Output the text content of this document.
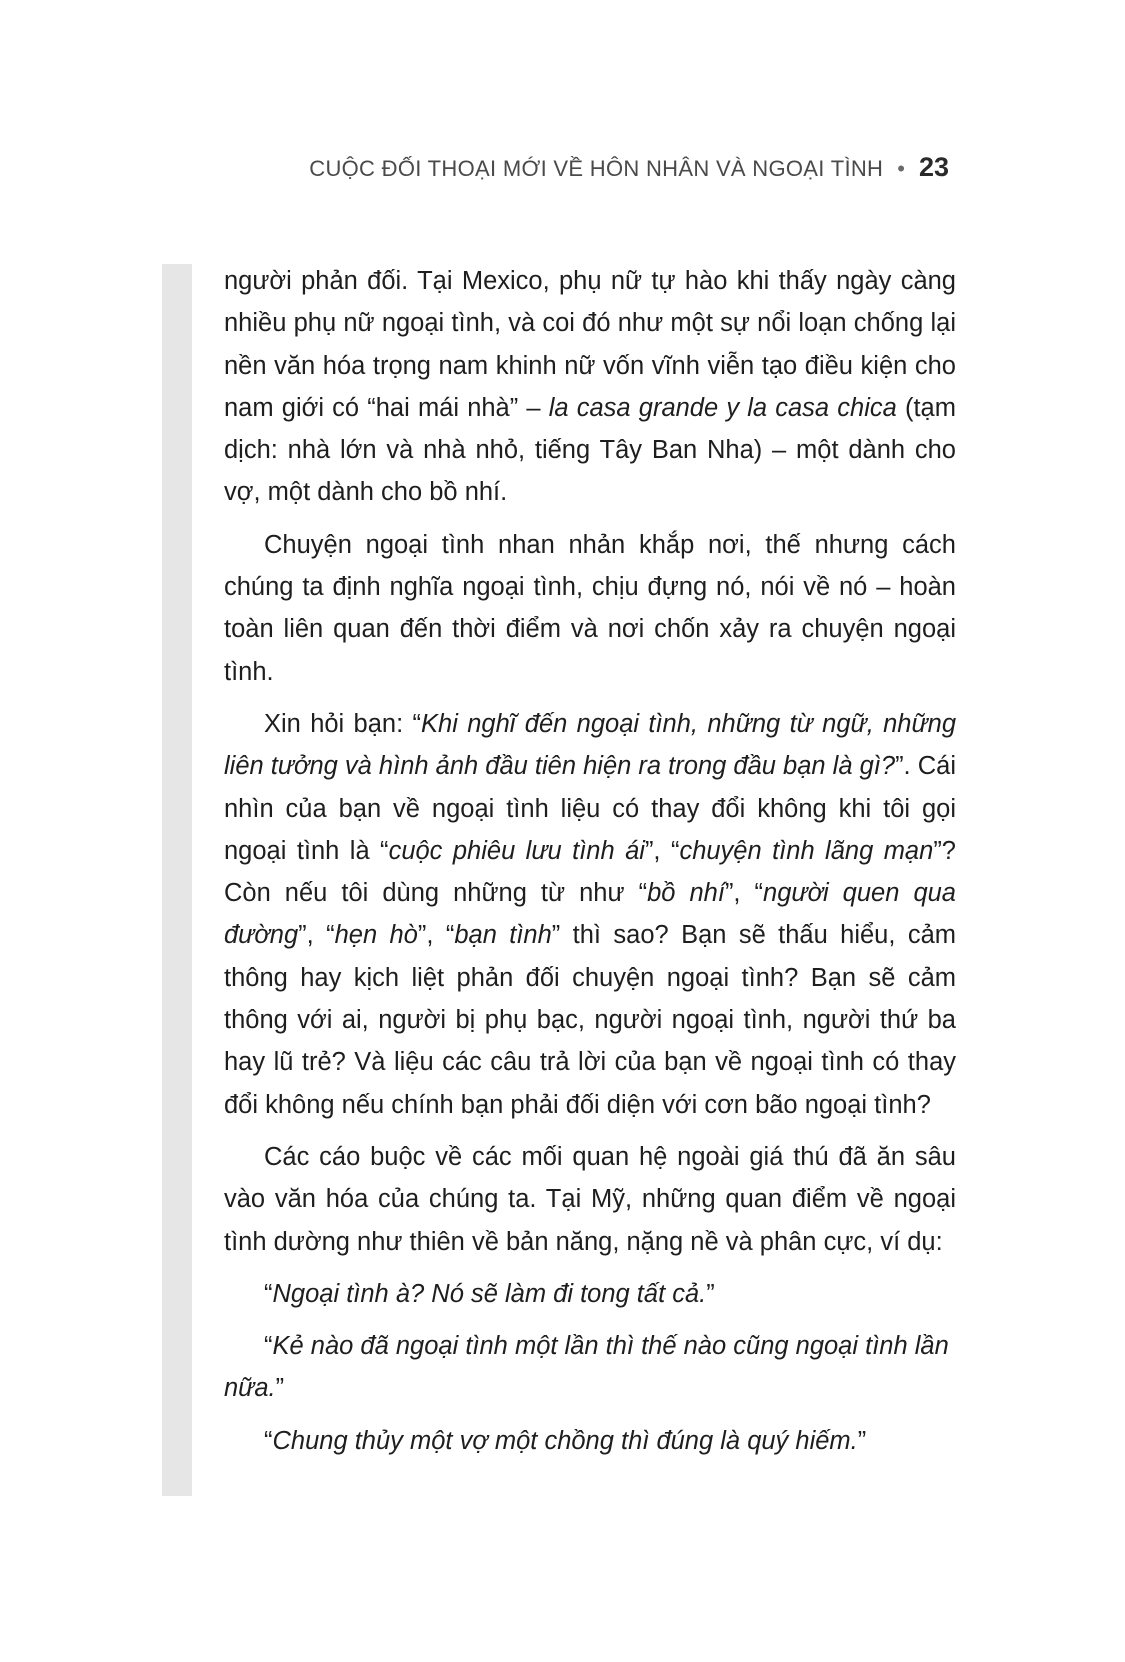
CUỘC ĐỐI THOẠI MỚI VỀ HÔN NHÂN VÀ NGOẠI TÌNH • 23

người phản đối. Tại Mexico, phụ nữ tự hào khi thấy ngày càng nhiều phụ nữ ngoại tình, và coi đó như một sự nổi loạn chống lại nền văn hóa trọng nam khinh nữ vốn vĩnh viễn tạo điều kiện cho nam giới có “hai mái nhà” – la casa grande y la casa chica (tạm dịch: nhà lớn và nhà nhỏ, tiếng Tây Ban Nha) – một dành cho vợ, một dành cho bồ nhí.

Chuyện ngoại tình nhan nhản khắp nơi, thế nhưng cách chúng ta định nghĩa ngoại tình, chịu đựng nó, nói về nó – hoàn toàn liên quan đến thời điểm và nơi chốn xảy ra chuyện ngoại tình.

Xin hỏi bạn: “Khi nghĩ đến ngoại tình, những từ ngữ, những liên tưởng và hình ảnh đầu tiên hiện ra trong đầu bạn là gì?”. Cái nhìn của bạn về ngoại tình liệu có thay đổi không khi tôi gọi ngoại tình là “cuộc phiêu lưu tình ái”, “chuyện tình lãng mạn”? Còn nếu tôi dùng những từ như “bồ nhí”, “người quen qua đường”, “hẹn hò”, “bạn tình” thì sao? Bạn sẽ thấu hiểu, cảm thông hay kịch liệt phản đối chuyện ngoại tình? Bạn sẽ cảm thông với ai, người bị phụ bạc, người ngoại tình, người thứ ba hay lũ trẻ? Và liệu các câu trả lời của bạn về ngoại tình có thay đổi không nếu chính bạn phải đối diện với cơn bão ngoại tình?

Các cáo buộc về các mối quan hệ ngoài giá thú đã ăn sâu vào văn hóa của chúng ta. Tại Mỹ, những quan điểm về ngoại tình dường như thiên về bản năng, nặng nề và phân cực, ví dụ:

“Ngoại tình à? Nó sẽ làm đi tong tất cả.”

“Kẻ nào đã ngoại tình một lần thì thế nào cũng ngoại tình lần nữa.”

“Chung thủy một vợ một chồng thì đúng là quý hiếm.”
